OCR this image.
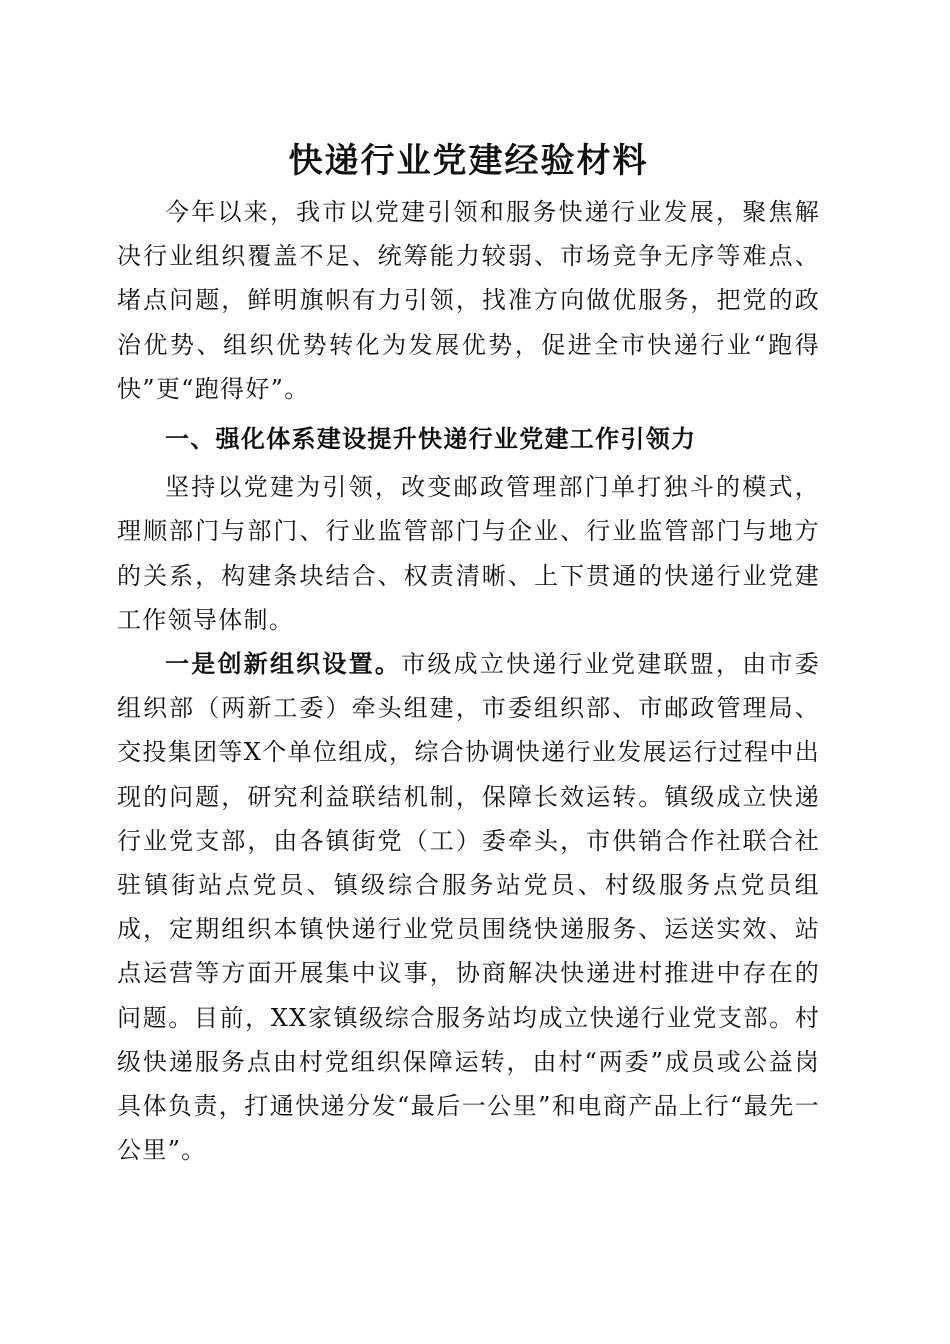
快递行业党建经验材料

今年以来，我市以党建引领和服务快递行业发展，聚焦解决行业组织覆盖不足、统筹能力较弱、市场竞争无序等难点、堵点问题，鲜明旗帜有力引领，找准方向做优服务，把党的政治优势、组织优势转化为发展优势，促进全市快递行业“跑得快”更“跑得好”。

一、强化体系建设提升快递行业党建工作引领力

坚持以党建为引领，改变邮政管理部门单打独斗的模式，理顺部门与部门、行业监管部门与企业、行业监管部门与地方的关系，构建条块结合、权责清晰、上下贯通的快递行业党建工作领导体制。

一是创新组织设置。市级成立快递行业党建联盟，由市委组织部（两新工委）牵头组建，市委组织部、市邮政管理局、交投集团等X个单位组成，综合协调快递行业发展运行过程中出现的问题，研究利益联结机制，保障长效运转。镇级成立快递行业党支部，由各镇街党（工）委牵头，市供销合作社联合社驻镇街站点党员、镇级综合服务站党员、村级服务点党员组成，定期组织本镇快递行业党员围绕快递服务、运送实效、站点运营等方面开展集中议事，协商解决快递进村推进中存在的问题。目前，XX家镇级综合服务站均成立快递行业党支部。村级快递服务点由村党组织保障运转，由村“两委”成员或公益岗具体负责，打通快递分发“最后一公里”和电商产品上行“最先一公里”。
